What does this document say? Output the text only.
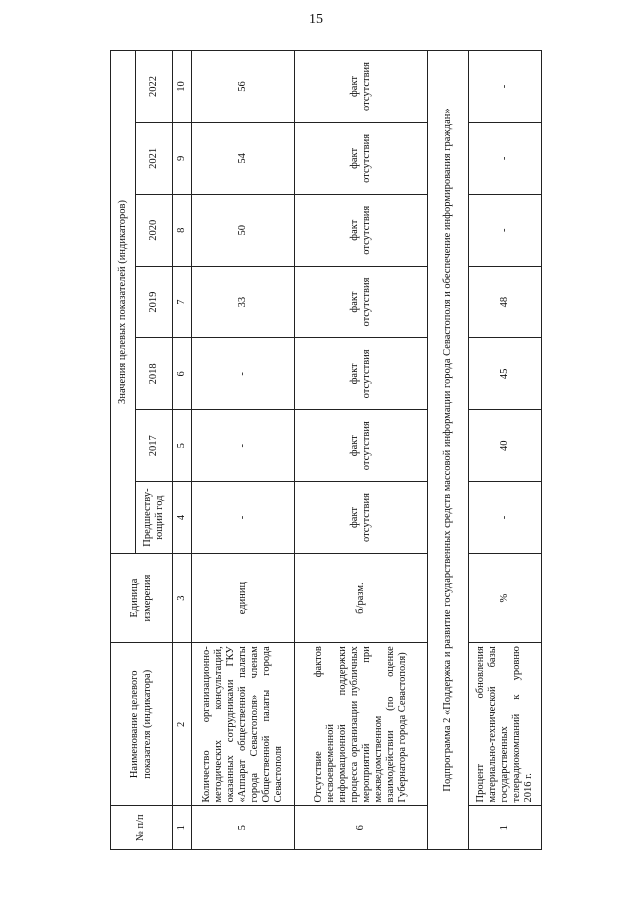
15
№ п/п	Наименование целевого показателя (индикатора)	Единица измерения	Значения целевых показателей (индикаторов)						
			Предшеству-ющий год	2017	2018	2019	2020	2021	2022
1	2	3	4	5	6	7	8	9	10
5	Количество организационно-методических консультаций, оказанных сотрудниками ГКУ «Аппарат общественной палаты города Севастополя» членам Общественной палаты города Севастополя	единиц	-	-	-	33	50	54	56
6	Отсутствие фактов несвоевременной информационной поддержки процесса организации публичных мероприятий при межведомственном взаимодействии (по оценке Губернатора города Севастополя)	б/разм.	факт отсутствия	факт отсутствия	факт отсутствия	факт отсутствия	факт отсутствия	факт отсутствия	факт отсутствия
Подпрограмма 2 «Поддержка и развитие государственных средств массовой информации города Севастополя и обеспечение информирования граждан»									
1	Процент обновления материально-технической базы государственных телерадиокомпаний к уровню 2016 г.	%	-	40	45	48	-	-	-
